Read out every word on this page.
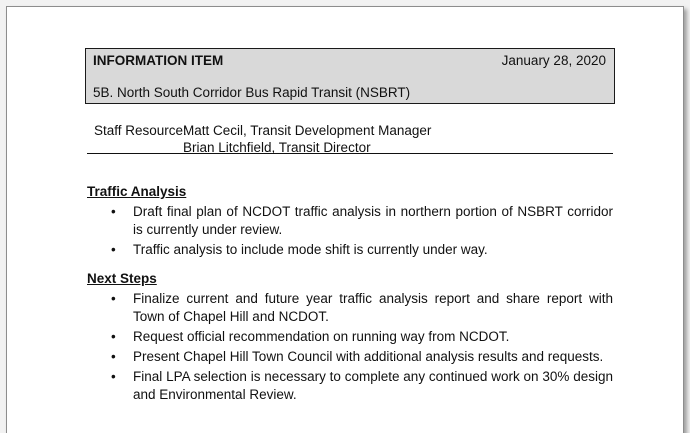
INFORMATION ITEM	January 28, 2020
5B. North South Corridor Bus Rapid Transit (NSBRT)
Staff Resource:
Matt Cecil, Transit Development Manager
Brian Litchfield, Transit Director
Traffic Analysis
• Draft final plan of NCDOT traffic analysis in northern portion of NSBRT corridor is currently under review.
• Traffic analysis to include mode shift is currently under way.
Next Steps
• Finalize current and future year traffic analysis report and share report with Town of Chapel Hill and NCDOT.
• Request official recommendation on running way from NCDOT.
• Present Chapel Hill Town Council with additional analysis results and requests.
• Final LPA selection is necessary to complete any continued work on 30% design and Environmental Review.
